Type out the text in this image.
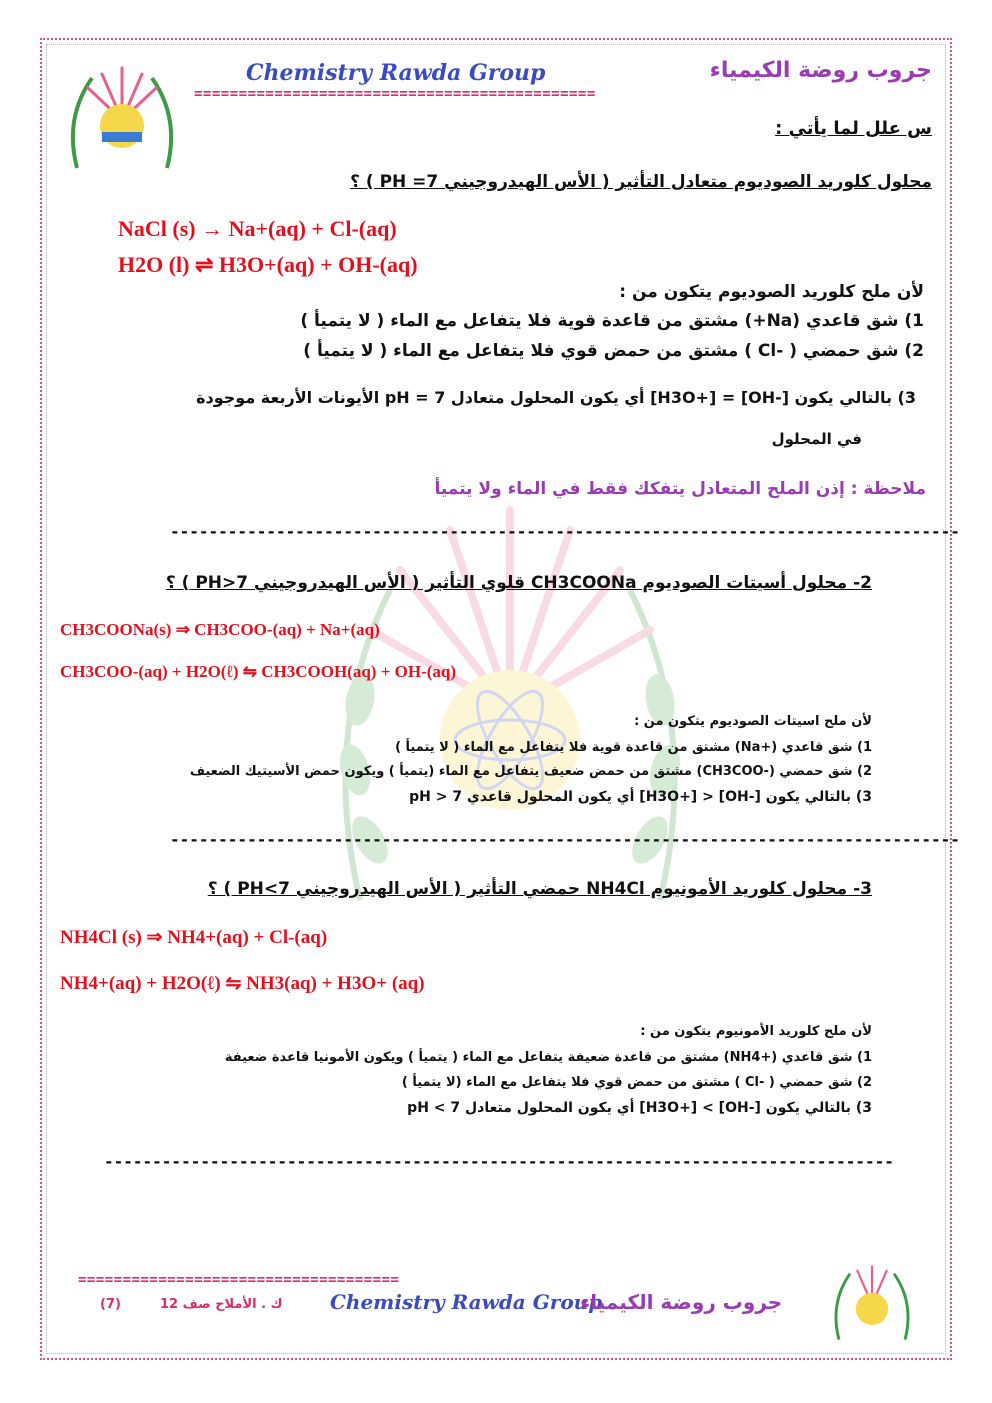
Chemistry Rawda Group	جروب روضة الكيمياء
=============================================
س علل لما يأتي :
محلول كلوريد الصوديوم متعادل التأثير ( الأس الهيدروجيني PH =7 ) ؟
NaCl (s) → Na+(aq) + Cl-(aq)
H2O (l) ⇌ H3O+(aq) + OH-(aq)
لأن ملح كلوريد الصوديوم يتكون من :
1) شق قاعدي (Na+) مشتق من قاعدة قوية فلا يتفاعل مع الماء ( لا يتميأ )
2) شق حمضي ( -Cl ) مشتق من حمض قوي فلا يتفاعل مع الماء ( لا يتميأ )
3) بالتالي يكون [-OH] = [+H3O] أي يكون المحلول متعادل pH = 7 الأيونات الأربعة موجودة
في المحلول
ملاحظة : إذن الملح المتعادل يتفكك فقط في الماء ولا يتميأ
----------------------------------------------------------------------------------
2- محلول أسيتات الصوديوم CH3COONa قلوي التأثير ( الأس الهيدروجيني PH>7 ) ؟
CH3COONa(s) ⇒ CH3COO-(aq) + Na+(aq)
CH3COO-(aq) + H2O(ℓ) ⇋ CH3COOH(aq) + OH-(aq)
لأن ملح اسيتات الصوديوم يتكون من :
1) شق قاعدي (+Na) مشتق من قاعدة قوية فلا يتفاعل مع الماء ( لا يتميأ )
2) شق حمضي (-CH3COO) مشتق من حمض ضعيف يتفاعل مع الماء (يتميأ ) ويكون حمض الأسيتيك الضعيف
3) بالتالي يكون [-OH] < [+H3O] أي يكون المحلول قاعدي pH > 7
----------------------------------------------------------------------------------
3- محلول كلوريد الأمونيوم NH4Cl حمضي التأثير ( الأس الهيدروجيني PH<7 ) ؟
NH4Cl (s) ⇒ NH4+(aq) + Cl-(aq)
NH4+(aq) + H2O(ℓ) ⇋ NH3(aq) + H3O+ (aq)
لأن ملح كلوريد الأمونيوم يتكون من :
1) شق قاعدي (+NH4) مشتق من قاعدة ضعيفة يتفاعل مع الماء ( يتميأ ) ويكون الأمونيا قاعدة ضعيفة
2) شق حمضي ( -Cl ) مشتق من حمض قوي فلا يتفاعل مع الماء (لا يتميأ )
3) بالتالي يكون [-OH] > [+H3O] أي يكون المحلول متعادل pH < 7
----------------------------------------------------------------------------------
====================================
(7)	ك . الأملاح صف 12 Chemistry Rawda Group
جروب روضة الكيمياء
